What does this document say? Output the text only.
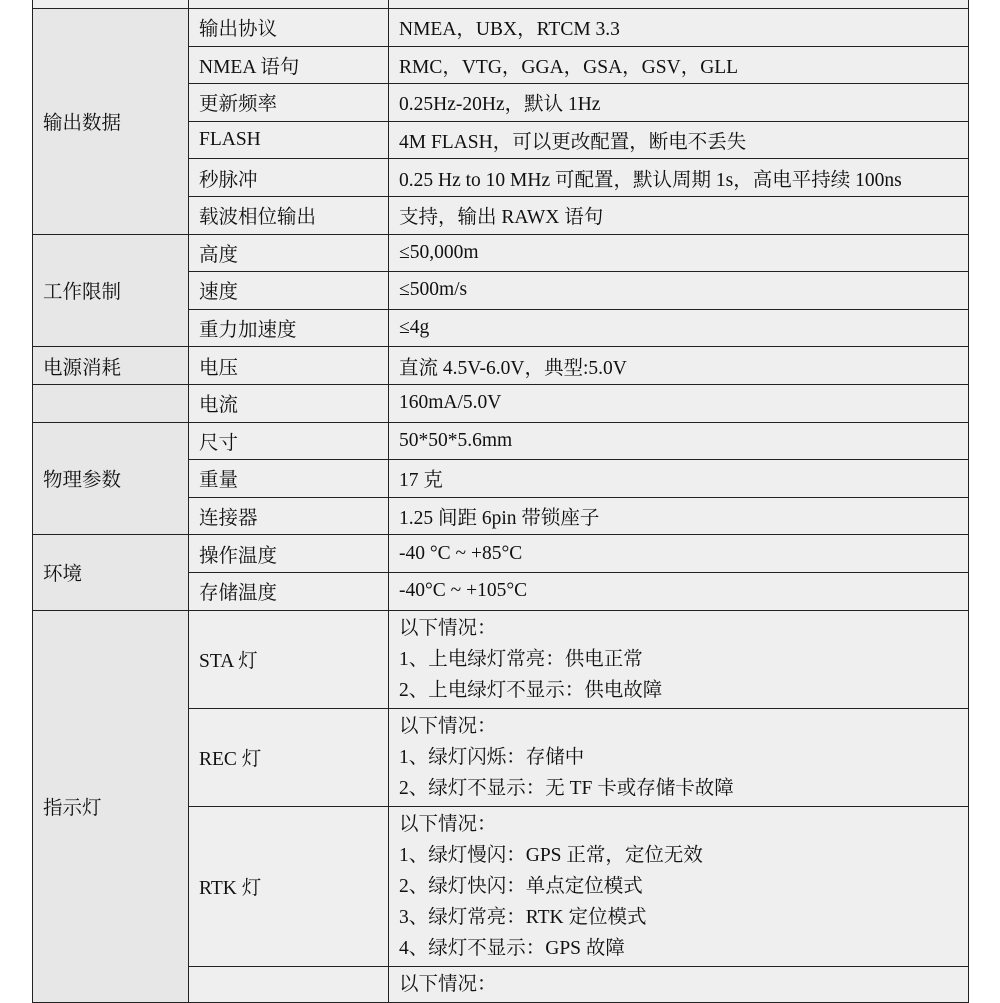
输出数据	输出协议	NMEA，UBX，RTCM 3.3
	NMEA 语句	RMC，VTG，GGA，GSA，GSV，GLL
	更新频率	0.25Hz-20Hz，默认 1Hz
	FLASH	4M FLASH，可以更改配置，断电不丢失
	秒脉冲	0.25 Hz to 10 MHz 可配置，默认周期 1s，高电平持续 100ns
	载波相位输出	支持，输出 RAWX 语句
工作限制	高度	≤50,000m
	速度	≤500m/s
	重力加速度	≤4g
电源消耗	电压	直流 4.5V-6.0V，典型:5.0V
	电流	160mA/5.0V
物理参数	尺寸	50*50*5.6mm
	重量	17 克
	连接器	1.25 间距 6pin 带锁座子
环境	操作温度	-40 °C ~ +85°C
	存储温度	-40°C ~ +105°C
指示灯	STA 灯	以下情况：
1、上电绿灯常亮：供电正常
2、上电绿灯不显示：供电故障

	REC 灯	以下情况：
1、绿灯闪烁：存储中
2、绿灯不显示：无 TF 卡或存储卡故障

	RTK 灯	以下情况：
1、绿灯慢闪：GPS 正常，定位无效
2、绿灯快闪：单点定位模式
3、绿灯常亮：RTK 定位模式
4、绿灯不显示：GPS 故障

		以下情况：
